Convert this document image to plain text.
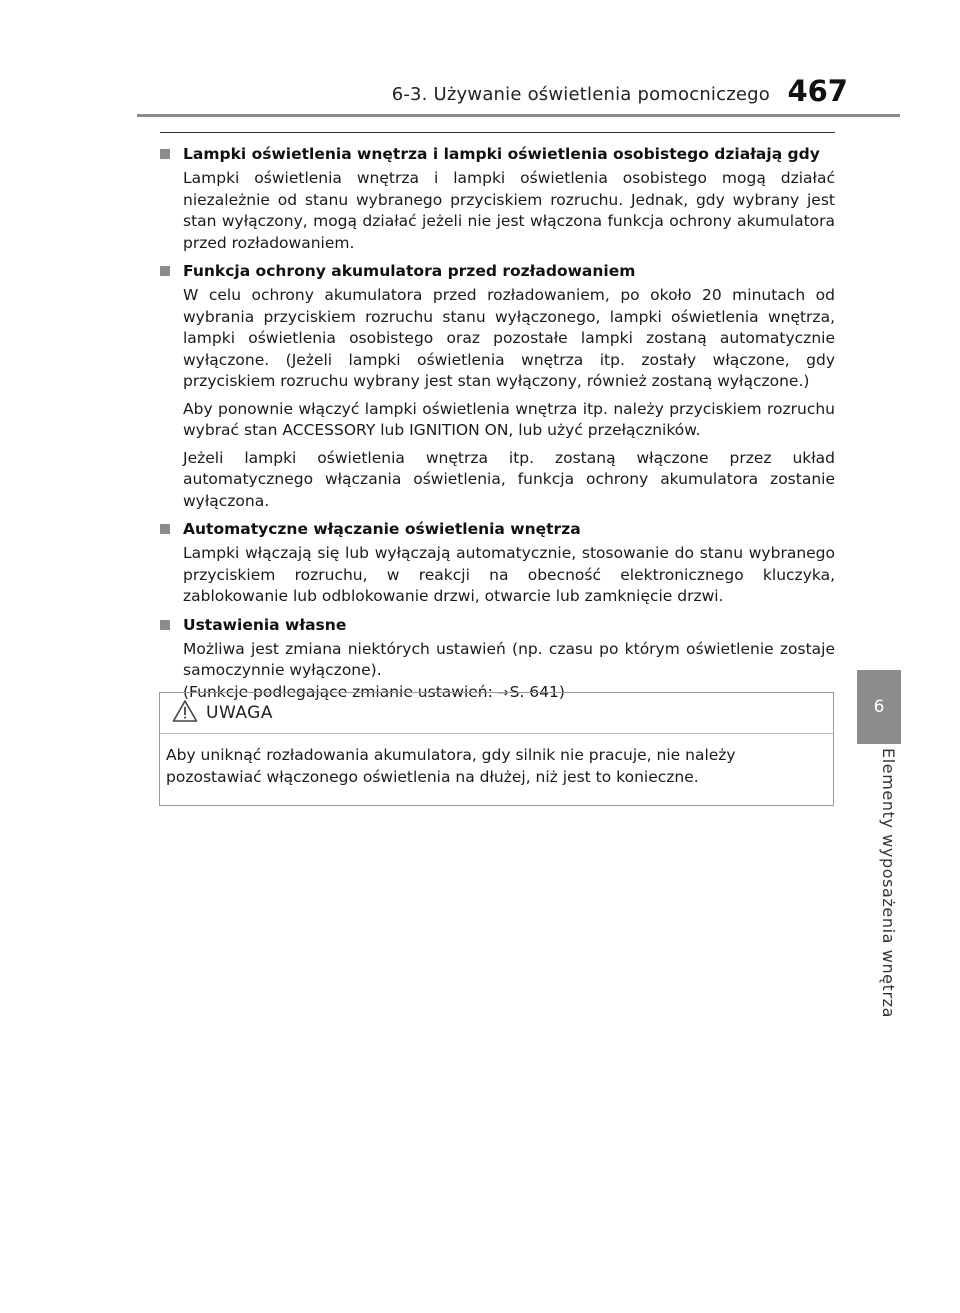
6-3. Używanie oświetlenia pomocniczego 467
6
Elementy wyposażenia wnętrza
Lampki oświetlenia wnętrza i lampki oświetlenia osobistego działają gdy

Lampki oświetlenia wnętrza i lampki oświetlenia osobistego mogą działać niezależnie od stanu wybranego przyciskiem rozruchu. Jednak, gdy wybrany jest stan wyłączony, mogą działać jeżeli nie jest włączona funkcja ochrony akumulatora przed rozładowaniem.

Funkcja ochrony akumulatora przed rozładowaniem

W celu ochrony akumulatora przed rozładowaniem, po około 20 minutach od wybrania przyciskiem rozruchu stanu wyłączonego, lampki oświetlenia wnętrza, lampki oświetlenia osobistego oraz pozostałe lampki zostaną automatycznie wyłączone. (Jeżeli lampki oświetlenia wnętrza itp. zostały włączone, gdy przyciskiem rozruchu wybrany jest stan wyłączony, również zostaną wyłączone.)

Aby ponownie włączyć lampki oświetlenia wnętrza itp. należy przyciskiem rozruchu wybrać stan ACCESSORY lub IGNITION ON, lub użyć przełączników.

Jeżeli lampki oświetlenia wnętrza itp. zostaną włączone przez układ automatycznego włączania oświetlenia, funkcja ochrony akumulatora zostanie wyłączona.

Automatyczne włączanie oświetlenia wnętrza

Lampki włączają się lub wyłączają automatycznie, stosowanie do stanu wybranego przyciskiem rozruchu, w reakcji na obecność elektronicznego kluczyka, zablokowanie lub odblokowanie drzwi, otwarcie lub zamknięcie drzwi.

Ustawienia własne

Możliwa jest zmiana niektórych ustawień (np. czasu po którym oświetlenie zostaje samoczynnie wyłączone).

(Funkcje podlegające zmianie ustawień: →S. 641)

UWAGA
Aby uniknąć rozładowania akumulatora, gdy silnik nie pracuje, nie należy pozostawiać włączonego oświetlenia na dłużej, niż jest to konieczne.
